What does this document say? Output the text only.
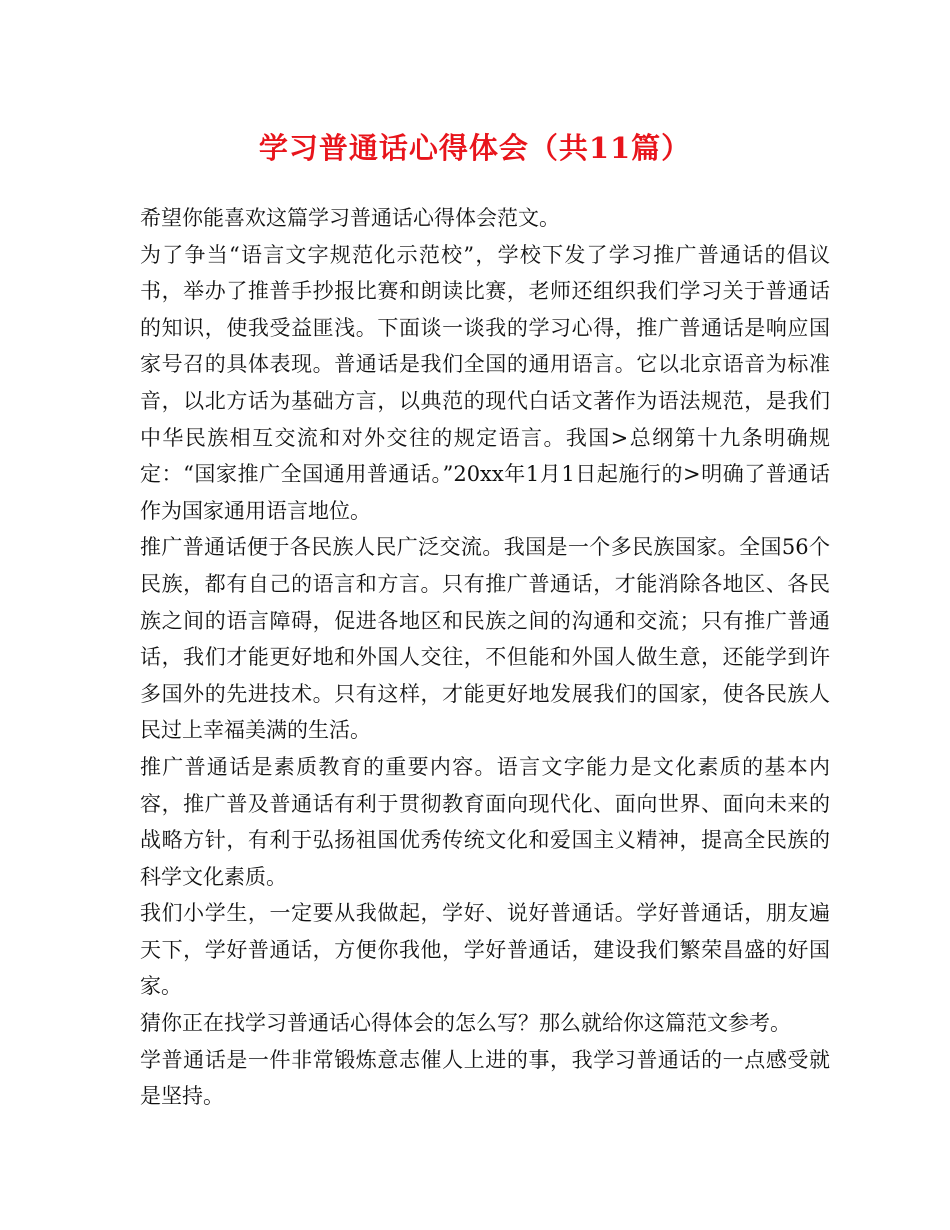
学习普通话心得体会（共11篇）

希望你能喜欢这篇学习普通话心得体会范文。

为了争当“语言文字规范化示范校”，学校下发了学习推广普通话的倡议书，举办了推普手抄报比赛和朗读比赛，老师还组织我们学习关于普通话的知识，使我受益匪浅。下面谈一谈我的学习心得，推广普通话是响应国家号召的具体表现。普通话是我们全国的通用语言。它以北京语音为标准音，以北方话为基础方言，以典范的现代白话文著作为语法规范，是我们中华民族相互交流和对外交往的规定语言。我国>总纲第十九条明确规定：“国家推广全国通用普通话。”20xx年1月1日起施行的>明确了普通话作为国家通用语言地位。

推广普通话便于各民族人民广泛交流。我国是一个多民族国家。全国56个民族，都有自己的语言和方言。只有推广普通话，才能消除各地区、各民族之间的语言障碍，促进各地区和民族之间的沟通和交流；只有推广普通话，我们才能更好地和外国人交往，不但能和外国人做生意，还能学到许多国外的先进技术。只有这样，才能更好地发展我们的国家，使各民族人民过上幸福美满的生活。

推广普通话是素质教育的重要内容。语言文字能力是文化素质的基本内容，推广普及普通话有利于贯彻教育面向现代化、面向世界、面向未来的战略方针，有利于弘扬祖国优秀传统文化和爱国主义精神，提高全民族的科学文化素质。

我们小学生，一定要从我做起，学好、说好普通话。学好普通话，朋友遍天下，学好普通话，方便你我他，学好普通话，建设我们繁荣昌盛的好国家。

猜你正在找学习普通话心得体会的怎么写？那么就给你这篇范文参考。

学普通话是一件非常锻炼意志催人上进的事，我学习普通话的一点感受就是坚持。
